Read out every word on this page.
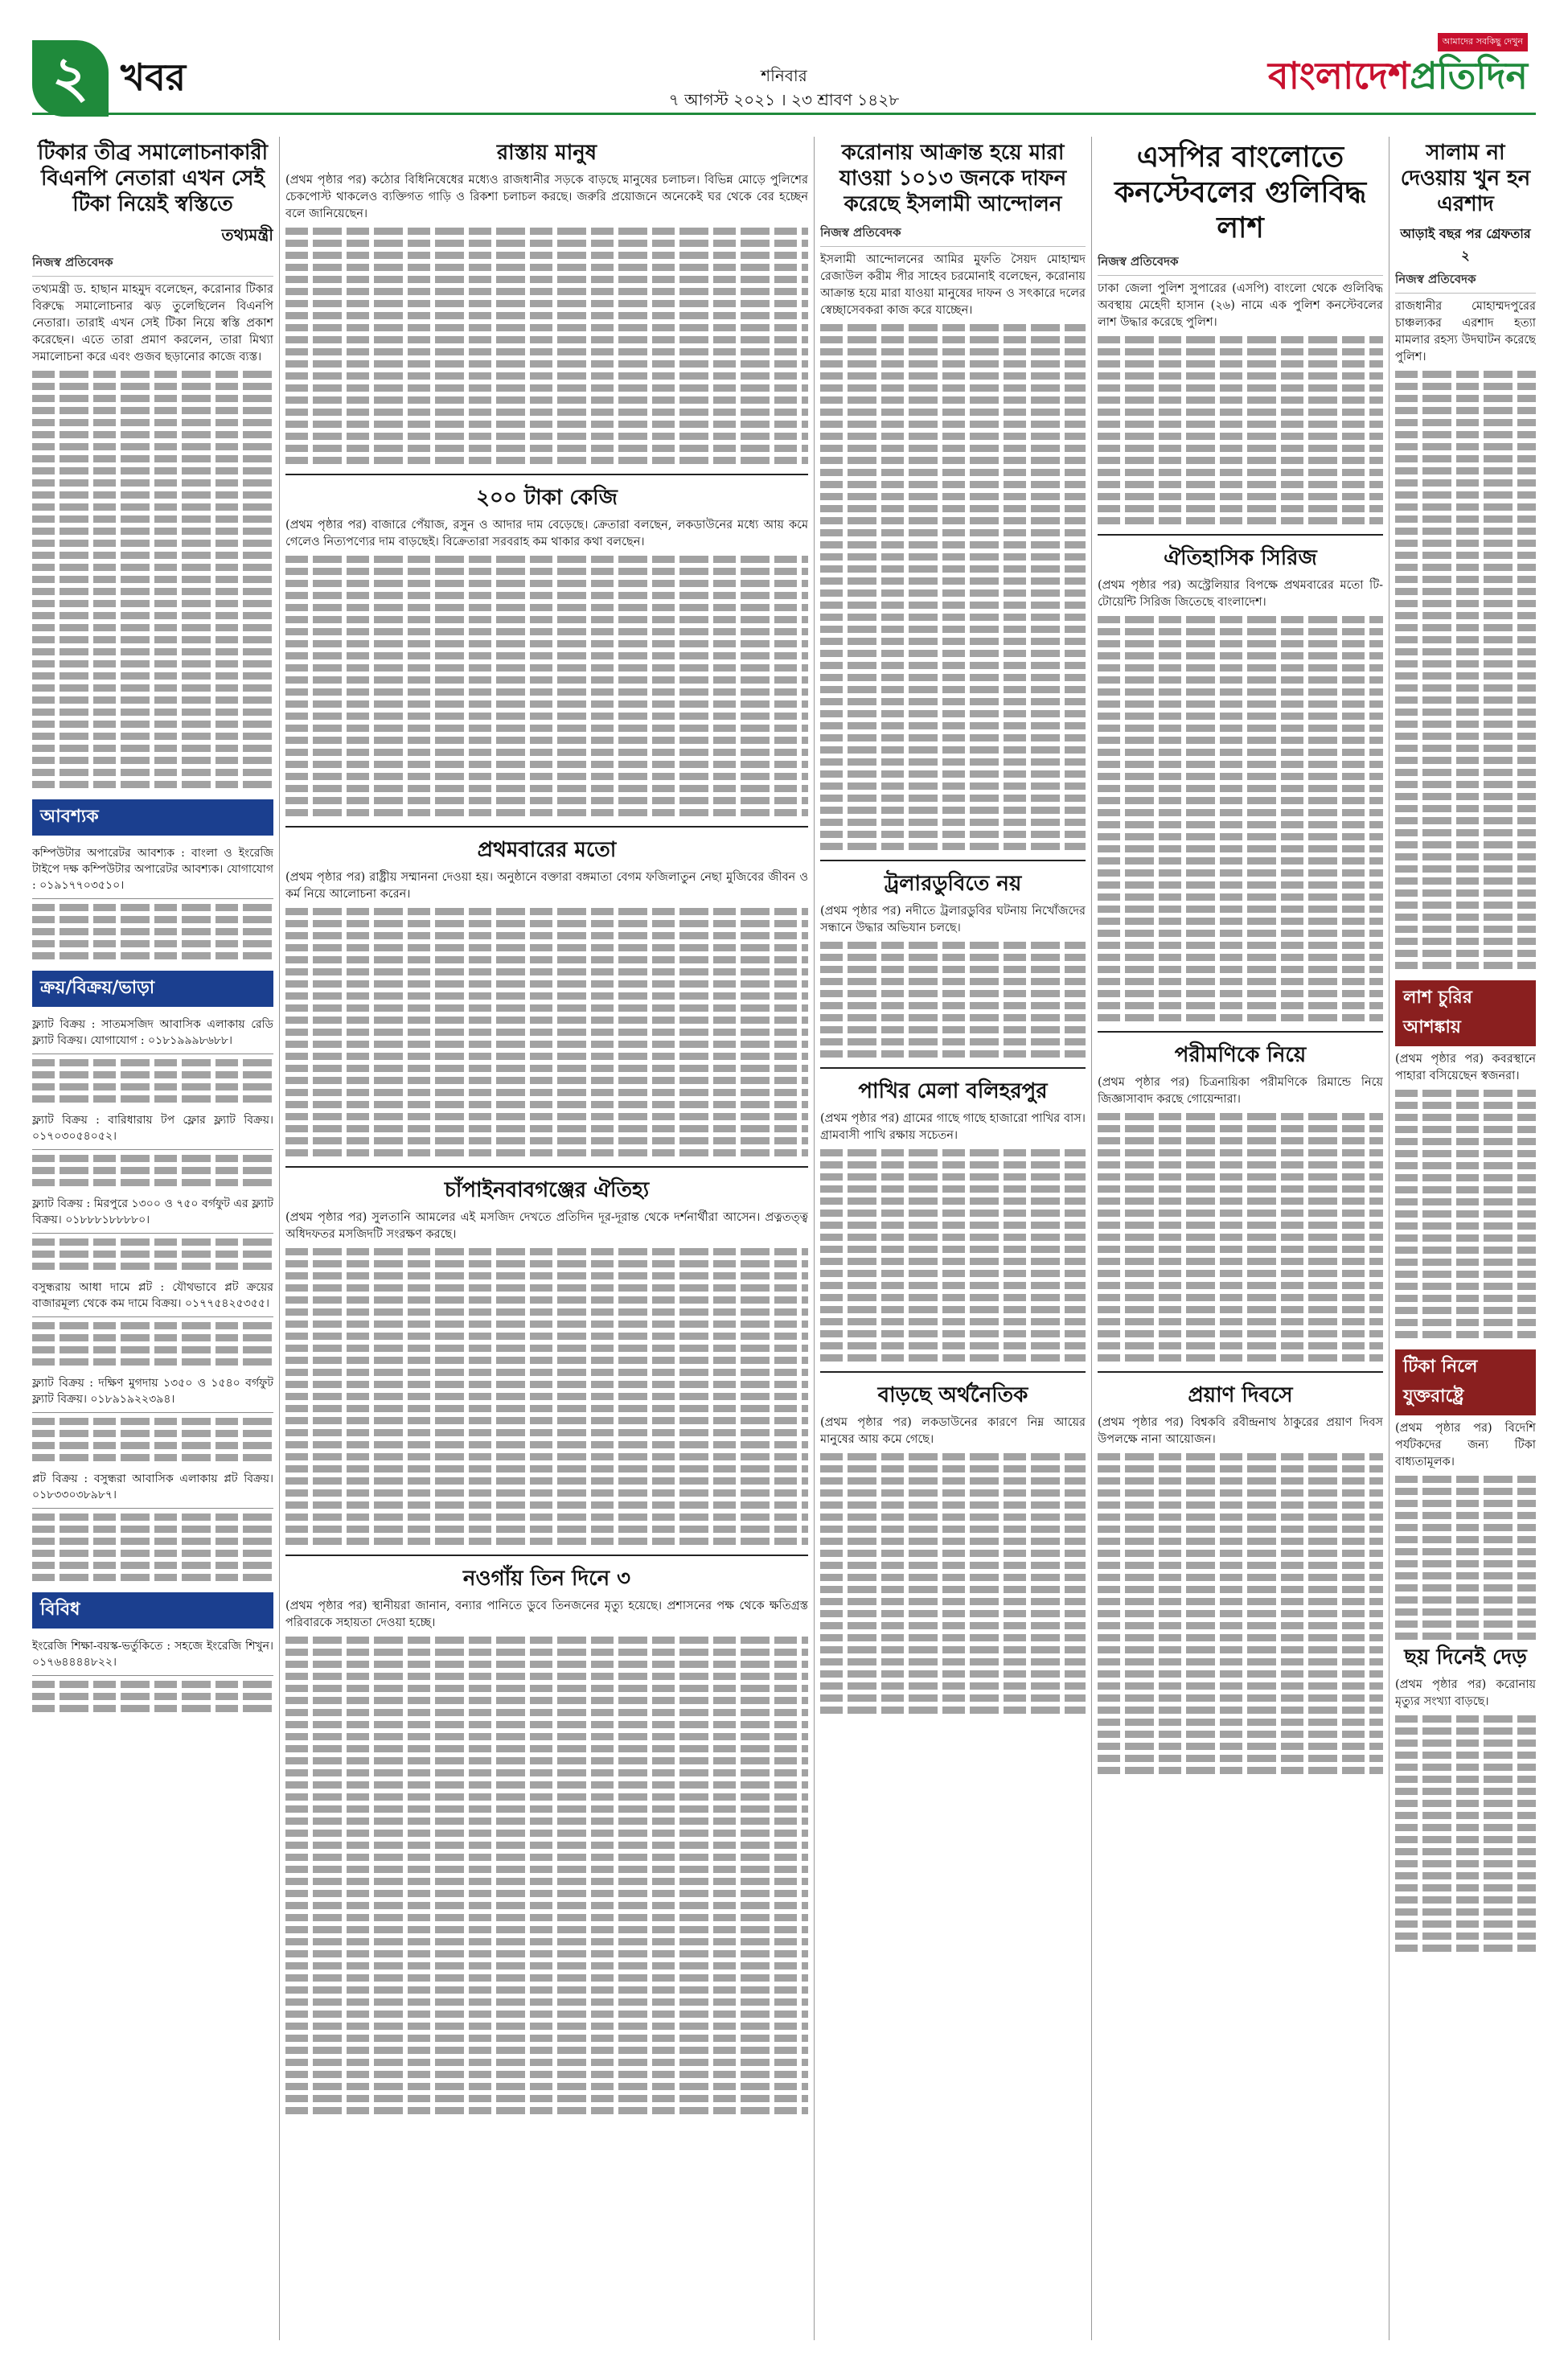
২ খবর	শনিবার
৭ আগস্ট ২০২১ । ২৩ শ্রাবণ ১৪২৮
আমাদের সবকিছু দেখুন
বাংলাদেশপ্রতিদিন
টিকার তীব্র সমালোচনাকারী বিএনপি নেতারা এখন সেই টিকা নিয়েই স্বস্তিতে
তথ্যমন্ত্রী
নিজস্ব প্রতিবেদক

তথ্যমন্ত্রী ড. হাছান মাহমুদ বলেছেন, করোনার টিকার বিরুদ্ধে সমালোচনার ঝড় তুলেছিলেন বিএনপি নেতারা। তারাই এখন সেই টিকা নিয়ে স্বস্তি প্রকাশ করেছেন। এতে তারা প্রমাণ করলেন, তারা মিথ্যা সমালোচনা করে এবং গুজব ছড়ানোর কাজে ব্যস্ত।

আবশ্যক
কম্পিউটার অপারেটর আবশ্যক : বাংলা ও ইংরেজি টাইপে দক্ষ কম্পিউটার অপারেটর আবশ্যক। যোগাযোগ : ০১৯১৭৭০৩৫১০।
ক্রয়/বিক্রয়/ভাড়া
ফ্ল্যাট বিক্রয় : সাতমসজিদ আবাসিক এলাকায় রেডি ফ্ল্যাট বিক্রয়। যোগাযোগ : ০১৮১৯৯৯৮৬৮৮।
ফ্ল্যাট বিক্রয় : বারিধারায় টপ ফ্লোর ফ্ল্যাট বিক্রয়। ০১৭০৩০৫৪০৫২।
ফ্ল্যাট বিক্রয় : মিরপুরে ১৩০০ ও ৭৫০ বর্গফুট এর ফ্ল্যাট বিক্রয়। ০১৮৮৮১৮৮৮৮০।
বসুন্ধরায় আধা দামে প্লট : যৌথভাবে প্লট ক্রয়ের বাজারমূল্য থেকে কম দামে বিক্রয়। ০১৭৭৫৪২৫৩৫৫।
ফ্ল্যাট বিক্রয় : দক্ষিণ মুগদায় ১৩৫০ ও ১৫৪০ বর্গফুট ফ্ল্যাট বিক্রয়। ০১৮৯১৯২২৩৯৪।
প্লট বিক্রয় : বসুন্ধরা আবাসিক এলাকায় প্লট বিক্রয়। ০১৮৩৩০৩৮৯৮৭।
বিবিধ
ইংরেজি শিক্ষা-বয়স্ক-ভর্তুকিতে : সহজে ইংরেজি শিখুন। ০১৭৬৪৪৪৪৮২২।
রাস্তায় মানুষ

(প্রথম পৃষ্ঠার পর) কঠোর বিধিনিষেধের মধ্যেও রাজধানীর সড়কে বাড়ছে মানুষের চলাচল। বিভিন্ন মোড়ে পুলিশের চেকপোস্ট থাকলেও ব্যক্তিগত গাড়ি ও রিকশা চলাচল করছে। জরুরি প্রয়োজনে অনেকেই ঘর থেকে বের হচ্ছেন বলে জানিয়েছেন।

২০০ টাকা কেজি

(প্রথম পৃষ্ঠার পর) বাজারে পেঁয়াজ, রসুন ও আদার দাম বেড়েছে। ক্রেতারা বলছেন, লকডাউনের মধ্যে আয় কমে গেলেও নিত্যপণ্যের দাম বাড়ছেই। বিক্রেতারা সরবরাহ কম থাকার কথা বলছেন।

প্রথমবারের মতো

(প্রথম পৃষ্ঠার পর) রাষ্ট্রীয় সম্মাননা দেওয়া হয়। অনুষ্ঠানে বক্তারা বঙ্গমাতা বেগম ফজিলাতুন নেছা মুজিবের জীবন ও কর্ম নিয়ে আলোচনা করেন।

চাঁপাইনবাবগঞ্জের ঐতিহ্য

(প্রথম পৃষ্ঠার পর) সুলতানি আমলের এই মসজিদ দেখতে প্রতিদিন দূর-দূরান্ত থেকে দর্শনার্থীরা আসেন। প্রত্নতত্ত্ব অধিদফতর মসজিদটি সংরক্ষণ করছে।

নওগাঁয় তিন দিনে ৩

(প্রথম পৃষ্ঠার পর) স্থানীয়রা জানান, বন্যার পানিতে ডুবে তিনজনের মৃত্যু হয়েছে। প্রশাসনের পক্ষ থেকে ক্ষতিগ্রস্ত পরিবারকে সহায়তা দেওয়া হচ্ছে।

করোনায় আক্রান্ত হয়ে মারা যাওয়া ১০১৩ জনকে দাফন করেছে ইসলামী আন্দোলন
নিজস্ব প্রতিবেদক

ইসলামী আন্দোলনের আমির মুফতি সৈয়দ মোহাম্মদ রেজাউল করীম পীর সাহেব চরমোনাই বলেছেন, করোনায় আক্রান্ত হয়ে মারা যাওয়া মানুষের দাফন ও সৎকারে দলের স্বেচ্ছাসেবকরা কাজ করে যাচ্ছেন।

ট্রলারডুবিতে নয়

(প্রথম পৃষ্ঠার পর) নদীতে ট্রলারডুবির ঘটনায় নিখোঁজদের সন্ধানে উদ্ধার অভিযান চলছে।

পাখির মেলা বলিহরপুর

(প্রথম পৃষ্ঠার পর) গ্রামের গাছে গাছে হাজারো পাখির বাস। গ্রামবাসী পাখি রক্ষায় সচেতন।

বাড়ছে অর্থনৈতিক

(প্রথম পৃষ্ঠার পর) লকডাউনের কারণে নিম্ন আয়ের মানুষের আয় কমে গেছে।

এসপির বাংলোতে কনস্টেবলের গুলিবিদ্ধ লাশ
নিজস্ব প্রতিবেদক

ঢাকা জেলা পুলিশ সুপারের (এসপি) বাংলো থেকে গুলিবিদ্ধ অবস্থায় মেহেদী হাসান (২৬) নামে এক পুলিশ কনস্টেবলের লাশ উদ্ধার করেছে পুলিশ।

ঐতিহাসিক সিরিজ

(প্রথম পৃষ্ঠার পর) অস্ট্রেলিয়ার বিপক্ষে প্রথমবারের মতো টি-টোয়েন্টি সিরিজ জিতেছে বাংলাদেশ।

পরীমণিকে নিয়ে

(প্রথম পৃষ্ঠার পর) চিত্রনায়িকা পরীমণিকে রিমান্ডে নিয়ে জিজ্ঞাসাবাদ করছে গোয়েন্দারা।

প্রয়াণ দিবসে

(প্রথম পৃষ্ঠার পর) বিশ্বকবি রবীন্দ্রনাথ ঠাকুরের প্রয়াণ দিবস উপলক্ষে নানা আয়োজন।

সালাম না দেওয়ায় খুন হন এরশাদ
আড়াই বছর পর গ্রেফতার ২
নিজস্ব প্রতিবেদক

রাজধানীর মোহাম্মদপুরের চাঞ্চল্যকর এরশাদ হত্যা মামলার রহস্য উদঘাটন করেছে পুলিশ।

লাশ চুরির আশঙ্কায়

(প্রথম পৃষ্ঠার পর) কবরস্থানে পাহারা বসিয়েছেন স্বজনরা।

টিকা নিলে যুক্তরাষ্ট্রে

(প্রথম পৃষ্ঠার পর) বিদেশি পর্যটকদের জন্য টিকা বাধ্যতামূলক।

ছয় দিনেই দেড়

(প্রথম পৃষ্ঠার পর) করোনায় মৃত্যুর সংখ্যা বাড়ছে।
